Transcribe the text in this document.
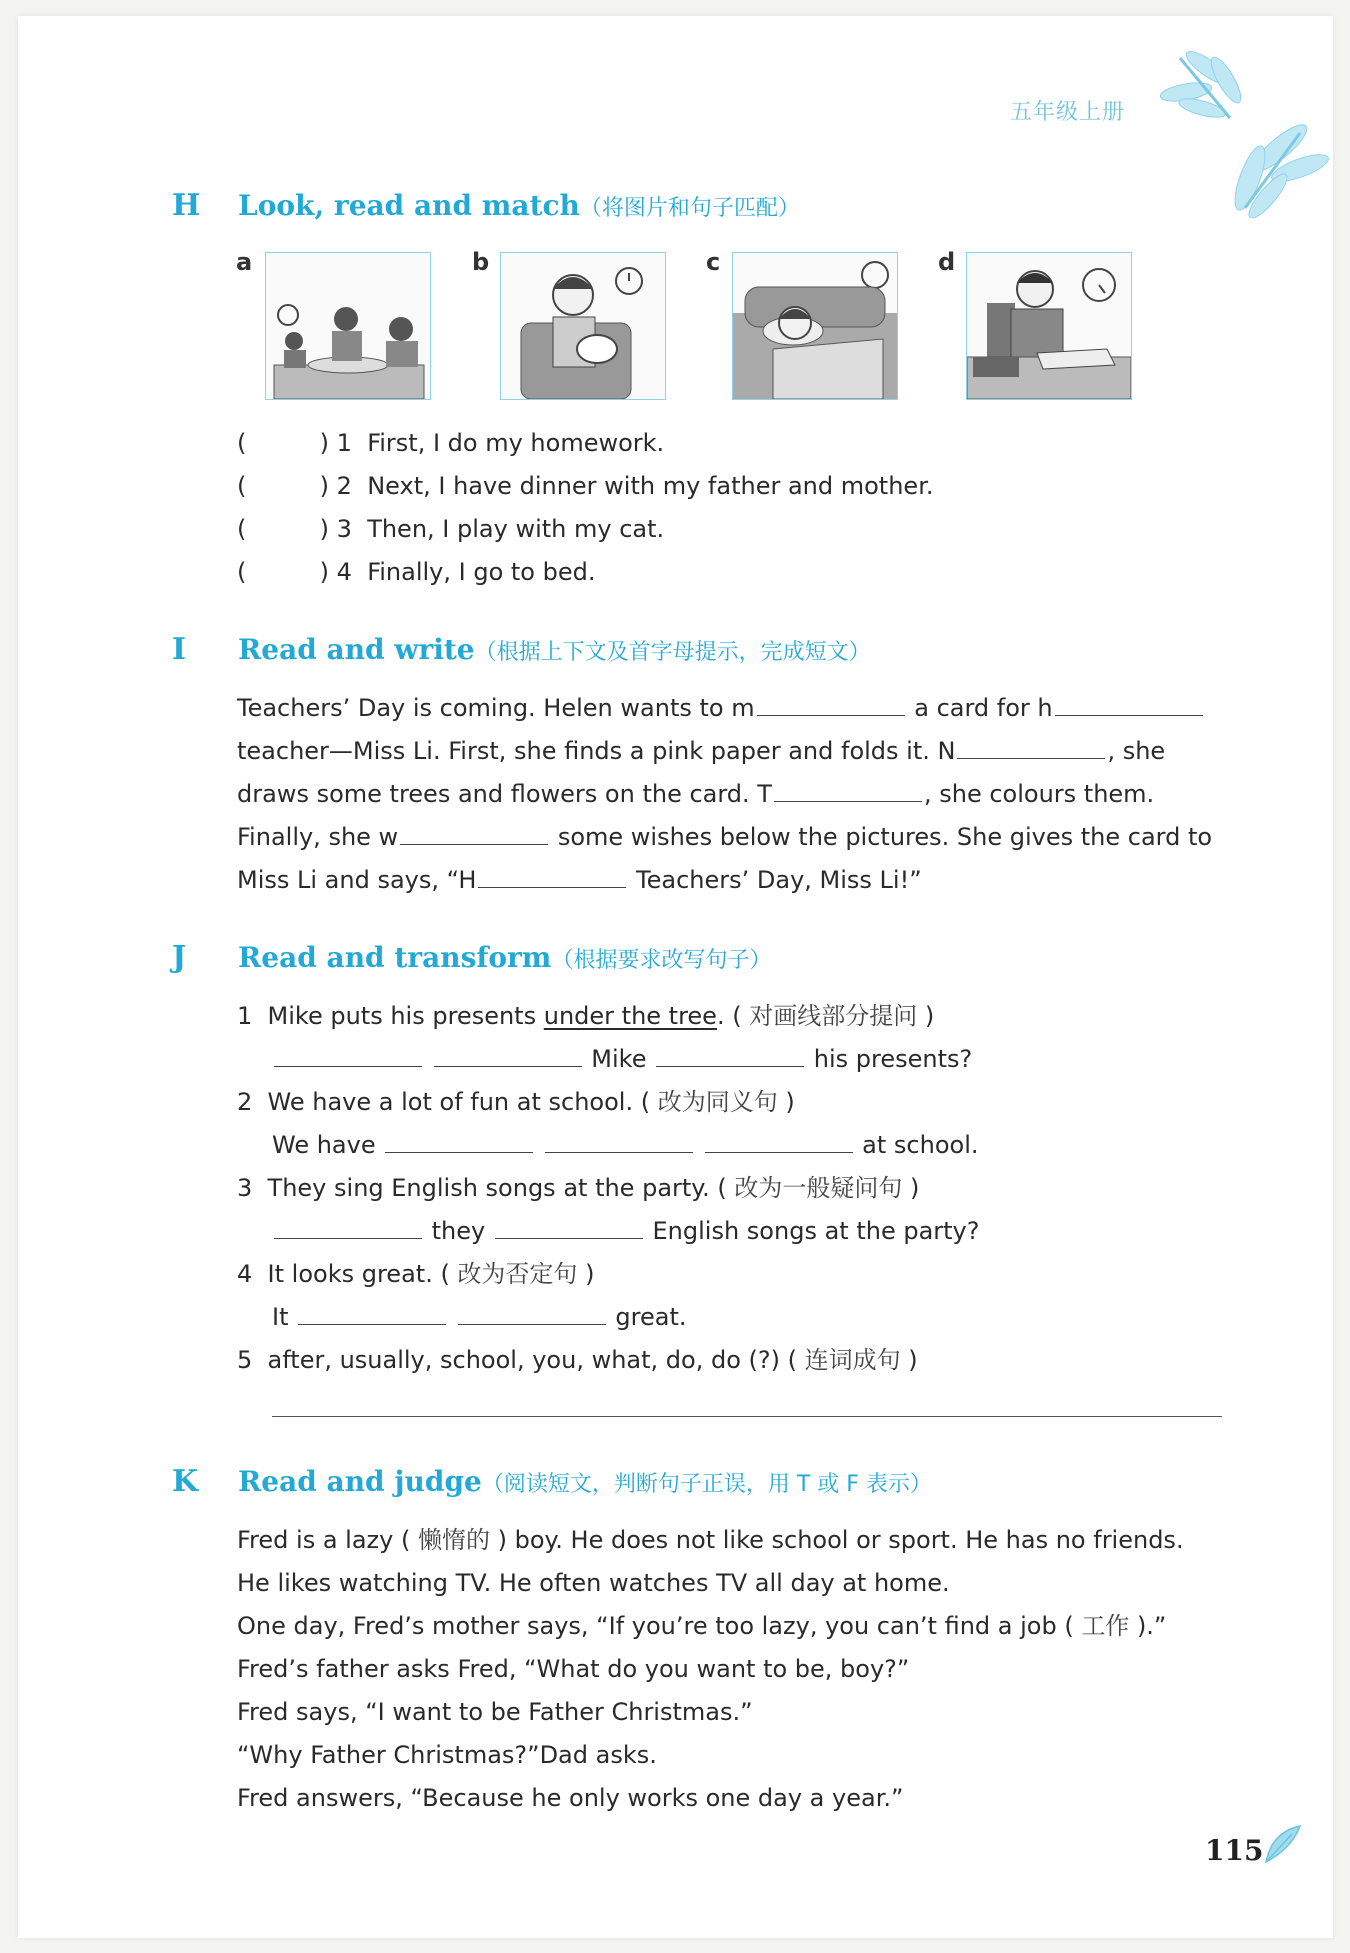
五年级上册
H Look, read and match（将图片和句子匹配）
a	b	c	d
(	) 1 First, I do my homework.
(	) 2 Next, I have dinner with my father and mother.
(	) 3 Then, I play with my cat.
(	) 4 Finally, I go to bed.
I Read and write（根据上下文及首字母提示，完成短文）
Teachers’ Day is coming. Helen wants to m	a card for h
teacher—Miss Li. First, she finds a pink paper and folds it. N	, she
draws some trees and flowers on the card. T	, she colours them.
Finally, she w	some wishes below the pictures. She gives the card to
Miss Li and says, “H	Teachers’ Day, Miss Li!”
J Read and transform（根据要求改写句子）
1 Mike puts his presents under the tree. ( 对画线部分提问 )
Mike	his presents?
2 We have a lot of fun at school. ( 改为同义句 )
We have	at school.
3 They sing English songs at the party. ( 改为一般疑问句 )
they	English songs at the party?
4 It looks great. ( 改为否定句 )
It	great.
5 after, usually, school, you, what, do, do (?) ( 连词成句 )
K Read and judge（阅读短文，判断句子正误，用 T 或 F 表示）
Fred is a lazy ( 懒惰的 ) boy. He does not like school or sport. He has no friends.
He likes watching TV. He often watches TV all day at home.
One day, Fred’s mother says, “If you’re too lazy, you can’t find a job ( 工作 ).”
Fred’s father asks Fred, “What do you want to be, boy?”
Fred says, “I want to be Father Christmas.”
“Why Father Christmas?”Dad asks.
Fred answers, “Because he only works one day a year.”
115
